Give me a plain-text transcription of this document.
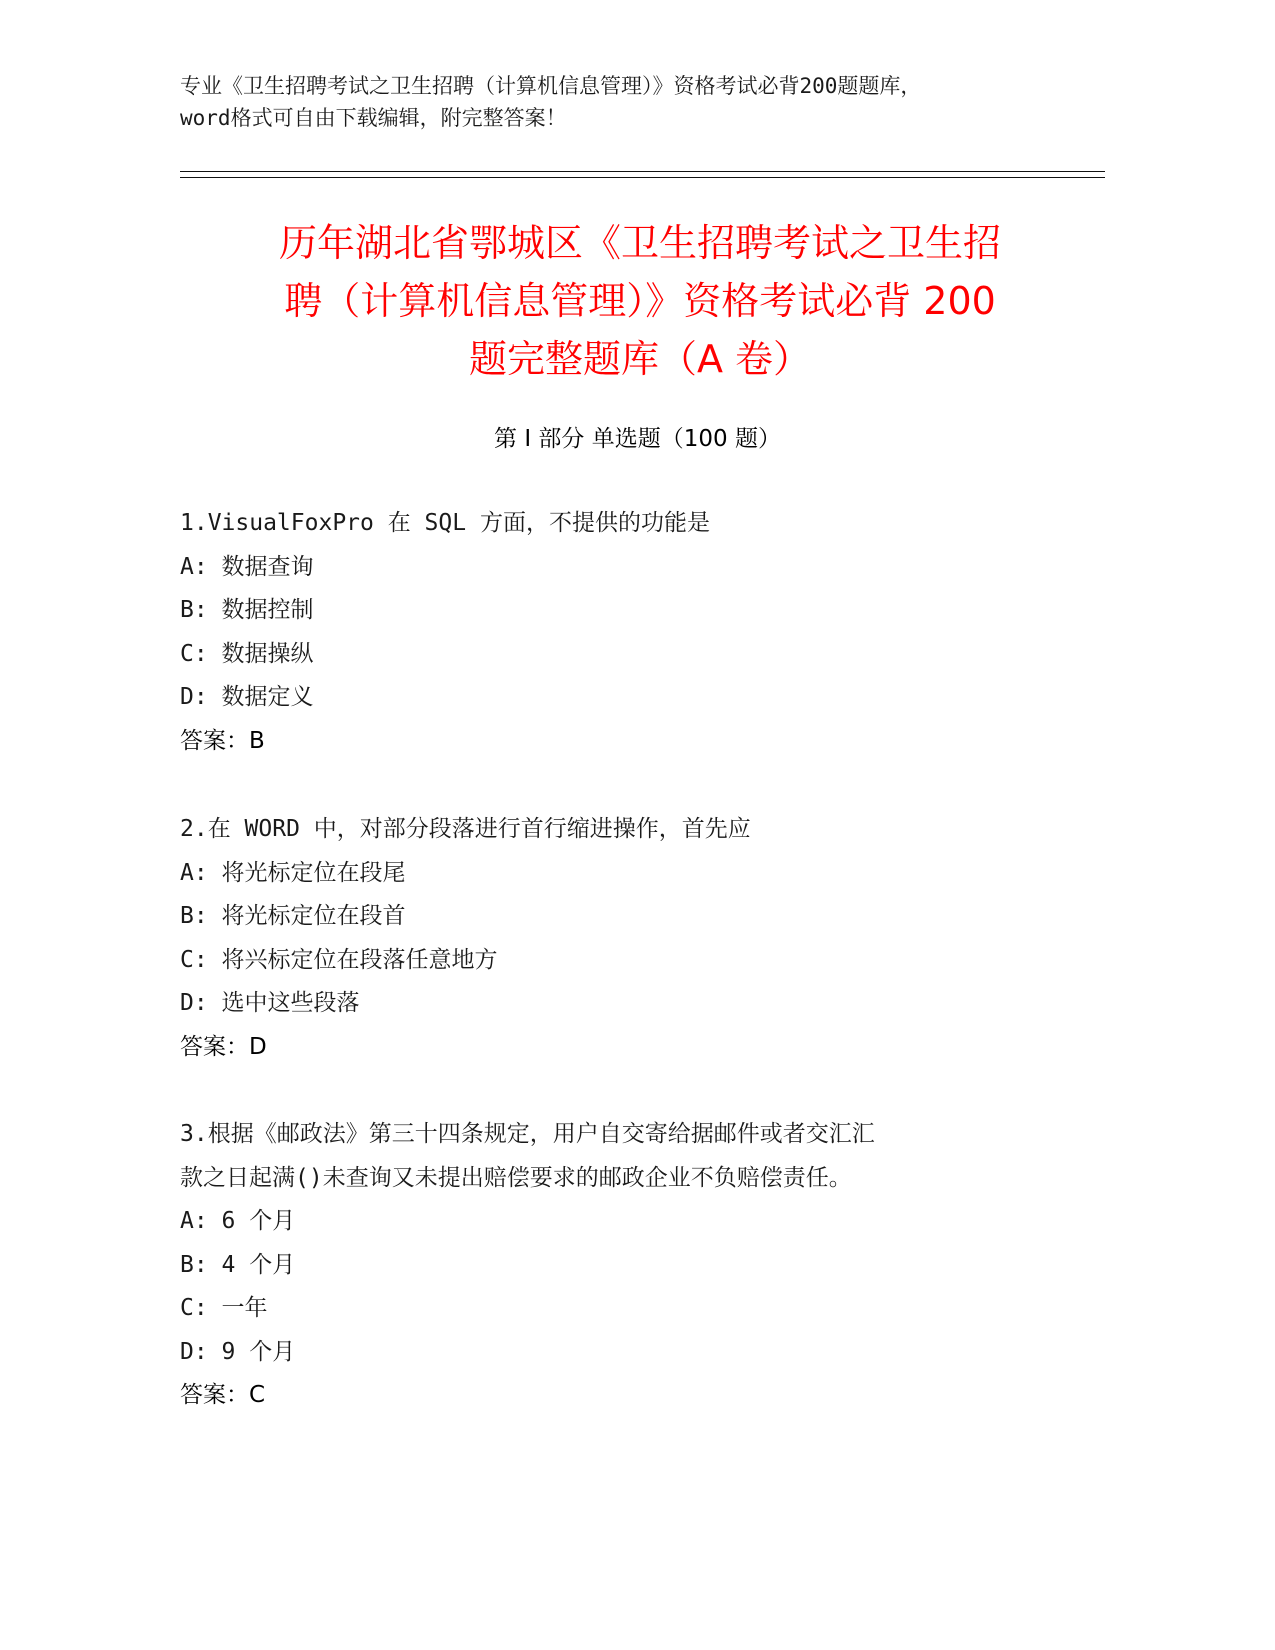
专业《卫生招聘考试之卫生招聘（计算机信息管理）》资格考试必背200题题库，
word格式可自由下载编辑，附完整答案！
历年湖北省鄂城区《卫生招聘考试之卫生招
聘（计算机信息管理）》资格考试必背 200
题完整题库（A 卷）
第 I 部分 单选题（100 题）
1.VisualFoxPro 在 SQL 方面，不提供的功能是
A: 数据查询
B: 数据控制
C: 数据操纵
D: 数据定义
答案：B
2.在 WORD 中，对部分段落进行首行缩进操作，首先应
A: 将光标定位在段尾
B: 将光标定位在段首
C: 将兴标定位在段落任意地方
D: 选中这些段落
答案：D
3.根据《邮政法》第三十四条规定，用户自交寄给据邮件或者交汇汇
款之日起满()未查询又未提出赔偿要求的邮政企业不负赔偿责任。
A: 6 个月
B: 4 个月
C: 一年
D: 9 个月
答案：C
